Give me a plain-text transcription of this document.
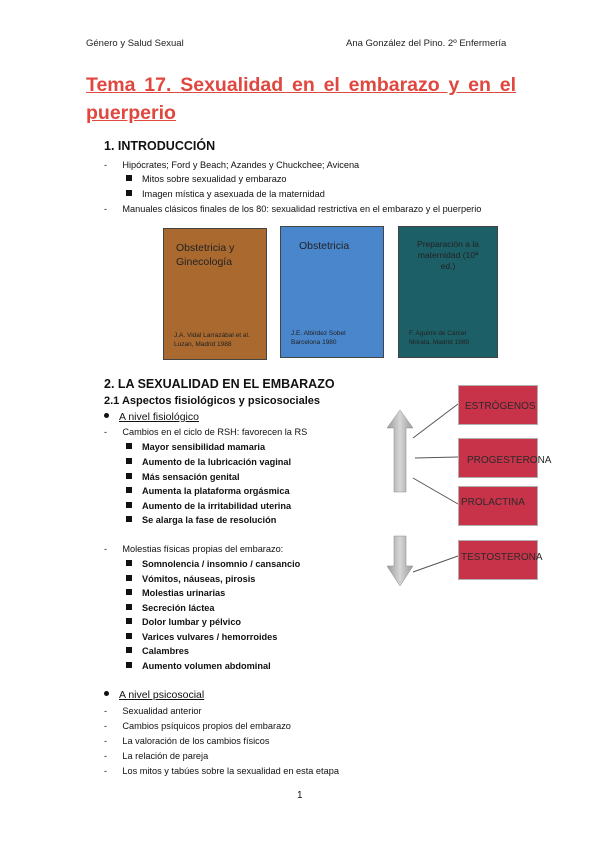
Género y Salud Sexual	Ana González del Pino. 2º Enfermería
Tema 17. Sexualidad en el embarazo y en el
puerperio
1. INTRODUCCIÓN
-      Hipócrates; Ford y Beach; Azandes y Chuckchee; Avicena
Mitos sobre sexualidad y embarazo
Imagen mística y asexuada de la maternidad
-      Manuales clásicos finales de los 80: sexualidad restrictiva en el embarazo y el puerperio
Obstetricia y Ginecología
J.A. Vidal Larrazábal et al.
Luzan, Madrid 1988
Obstetricia
J.E. Albirdez Sobel
Barcelona 1980
Preparación a la maternidad (10ª ed.)
F. Aguirre de Cárcer
Morata, Madrid 1989
2. LA SEXUALIDAD EN EL EMBARAZO
2.1 Aspectos fisiológicos y psicosociales
A nivel fisiológico
-      Cambios en el ciclo de RSH: favorecen la RS
Mayor sensibilidad mamaria
Aumento de la lubricación vaginal
Más sensación genital
Aumenta la plataforma orgásmica
Aumento de la irritabilidad uterina
Se alarga la fase de resolución
-      Molestias físicas propias del embarazo:
Somnolencia / insomnio / cansancio
Vómitos, náuseas, pirosis
Molestias urinarias
Secreción láctea
Dolor lumbar y pélvico
Varices vulvares / hemorroides
Calambres
Aumento volumen abdominal
A nivel psicosocial
-      Sexualidad anterior
-      Cambios psíquicos propios del embarazo
-      La valoración de los cambios físicos
-      La relación de pareja
-      Los mitos y tabúes sobre la sexualidad en esta etapa
ESTRÓGENOS
PROGESTERONA
PROLACTINA
TESTOSTERONA
1
